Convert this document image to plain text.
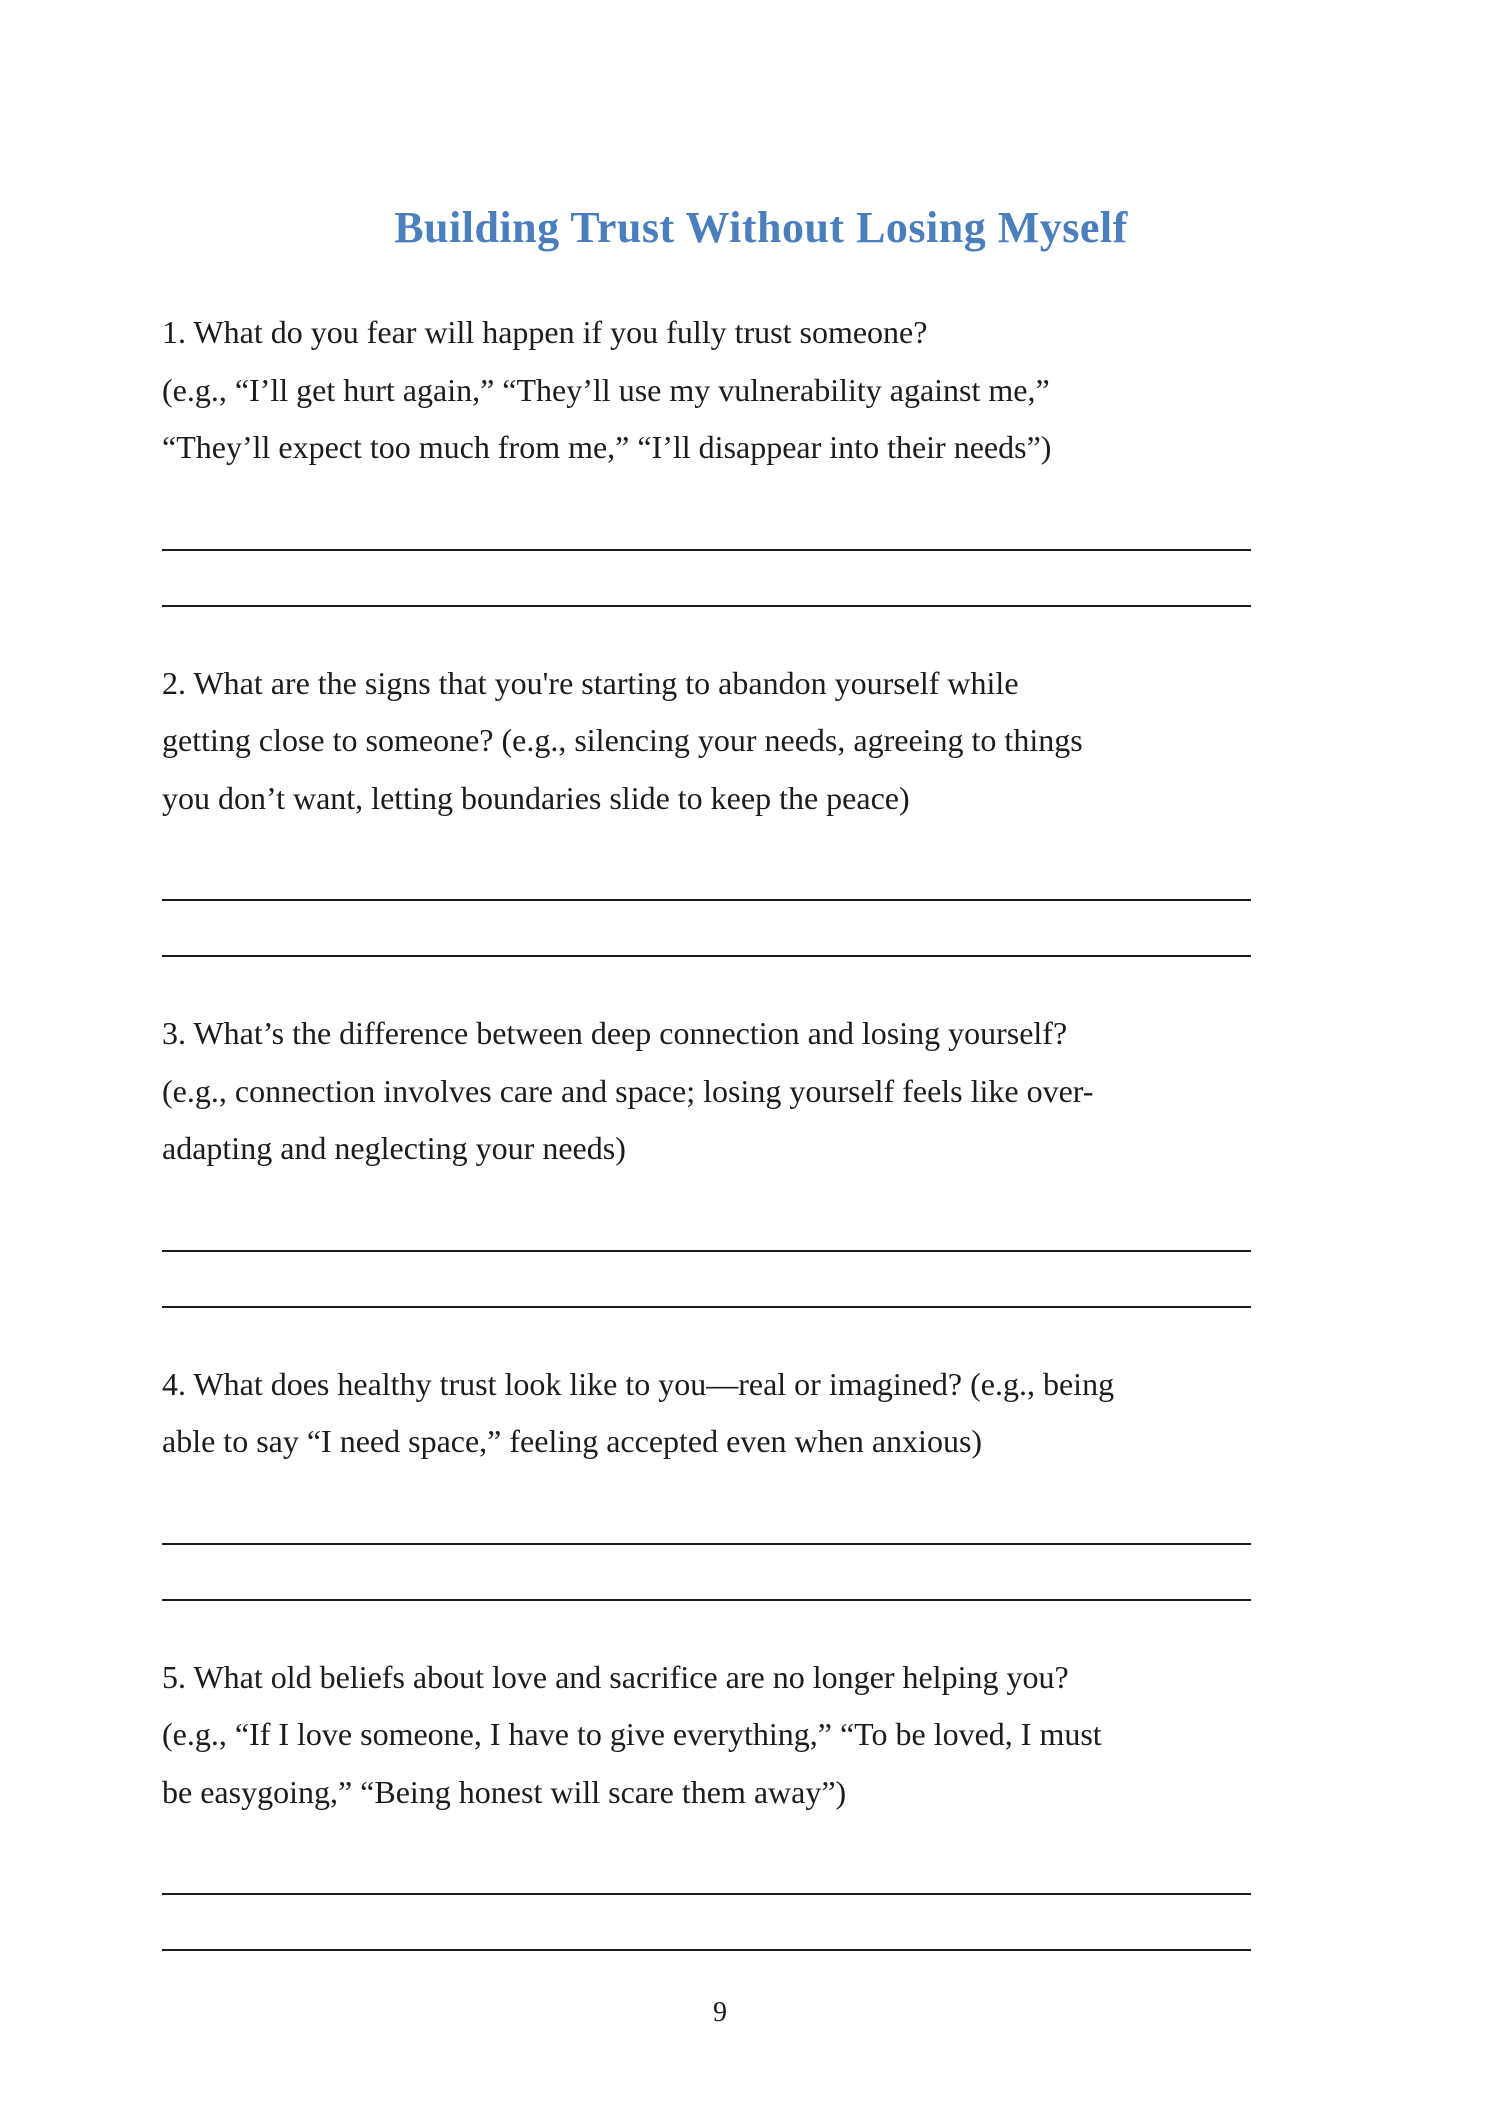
Building Trust Without Losing Myself
1. What do you fear will happen if you fully trust someone?
(e.g., “I’ll get hurt again,” “They’ll use my vulnerability against me,”
“They’ll expect too much from me,” “I’ll disappear into their needs”)
2. What are the signs that you're starting to abandon yourself while
getting close to someone? (e.g., silencing your needs, agreeing to things
you don’t want, letting boundaries slide to keep the peace)
3. What’s the difference between deep connection and losing yourself?
(e.g., connection involves care and space; losing yourself feels like over-
adapting and neglecting your needs)
4. What does healthy trust look like to you—real or imagined? (e.g., being
able to say “I need space,” feeling accepted even when anxious)
5. What old beliefs about love and sacrifice are no longer helping you?
(e.g., “If I love someone, I have to give everything,” “To be loved, I must
be easygoing,” “Being honest will scare them away”)
9
